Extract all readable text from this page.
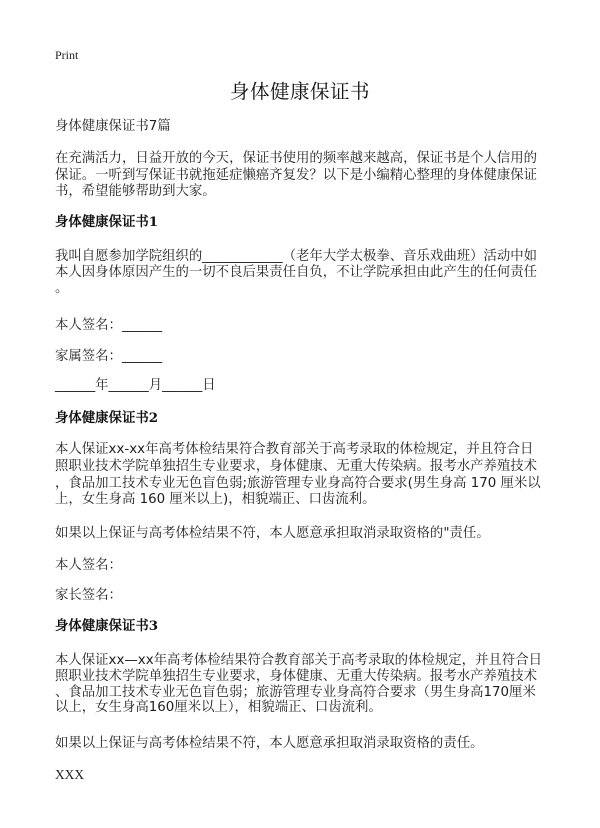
Print
身体健康保证书
身体健康保证书7篇
在充满活力，日益开放的今天，保证书使用的频率越来越高，保证书是个人信用的
保证。一听到写保证书就拖延症懒癌齐复发？以下是小编精心整理的身体健康保证
书，希望能够帮助到大家。
身体健康保证书1
我叫自愿参加学院组织的____________（老年大学太极拳、音乐戏曲班）活动中如
本人因身体原因产生的一切不良后果责任自负，不让学院承担由此产生的任何责任
。
本人签名：______
家属签名：______
______年______月______日
身体健康保证书2
本人保证xx-xx年高考体检结果符合教育部关于高考录取的体检规定，并且符合日
照职业技术学院单独招生专业要求，身体健康、无重大传染病。报考水产养殖技术
，食品加工技术专业无色盲色弱;旅游管理专业身高符合要求(男生身高 170 厘米以
上，女生身高 160 厘米以上)，相貌端正、口齿流利。
如果以上保证与高考体检结果不符，本人愿意承担取消录取资格的"责任。
本人签名：
家长签名：
身体健康保证书3
本人保证xx—xx年高考体检结果符合教育部关于高考录取的体检规定，并且符合日
照职业技术学院单独招生专业要求，身体健康、无重大传染病。报考水产养殖技术
、食品加工技术专业无色盲色弱；旅游管理专业身高符合要求（男生身高170厘米
以上，女生身高160厘米以上），相貌端正、口齿流利。
如果以上保证与高考体检结果不符，本人愿意承担取消录取资格的责任。
XXX
